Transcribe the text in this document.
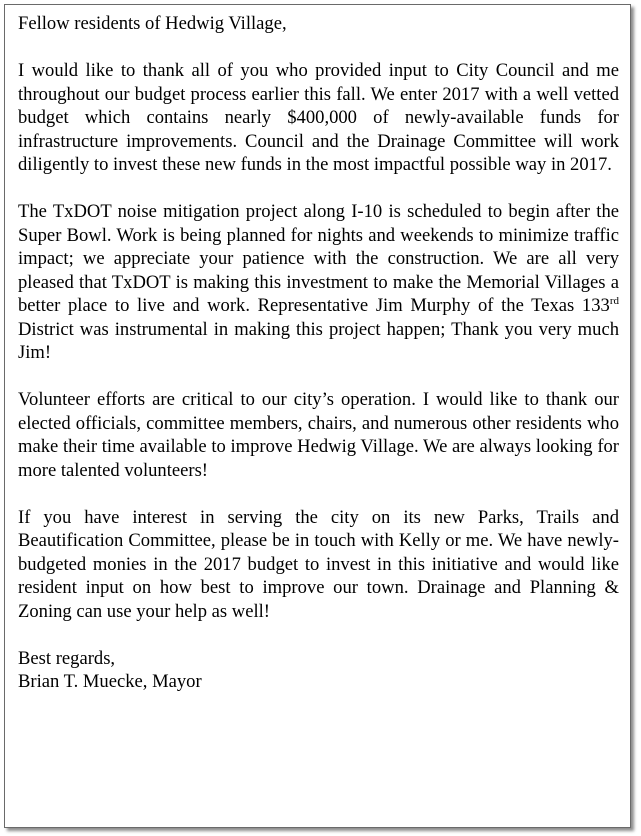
Fellow residents of Hedwig Village,

I would like to thank all of you who provided input to City Council and me throughout our budget process earlier this fall. We enter 2017 with a well vetted budget which contains nearly $400,000 of newly-available funds for infrastructure improvements. Council and the Drainage Committee will work diligently to invest these new funds in the most impactful possible way in 2017.

The TxDOT noise mitigation project along I-10 is scheduled to begin after the Super Bowl. Work is being planned for nights and weekends to minimize traffic impact; we appreciate your patience with the construction. We are all very pleased that TxDOT is making this investment to make the Memorial Villages a better place to live and work. Representative Jim Murphy of the Texas 133rd District was instrumental in making this project happen; Thank you very much Jim!

Volunteer efforts are critical to our city’s operation. I would like to thank our elected officials, committee members, chairs, and numerous other residents who make their time available to improve Hedwig Village. We are always looking for more talented volunteers!

If you have interest in serving the city on its new Parks, Trails and Beautification Committee, please be in touch with Kelly or me. We have newly-budgeted monies in the 2017 budget to invest in this initiative and would like resident input on how best to improve our town. Drainage and Planning & Zoning can use your help as well!

Best regards,

Brian T. Muecke, Mayor
